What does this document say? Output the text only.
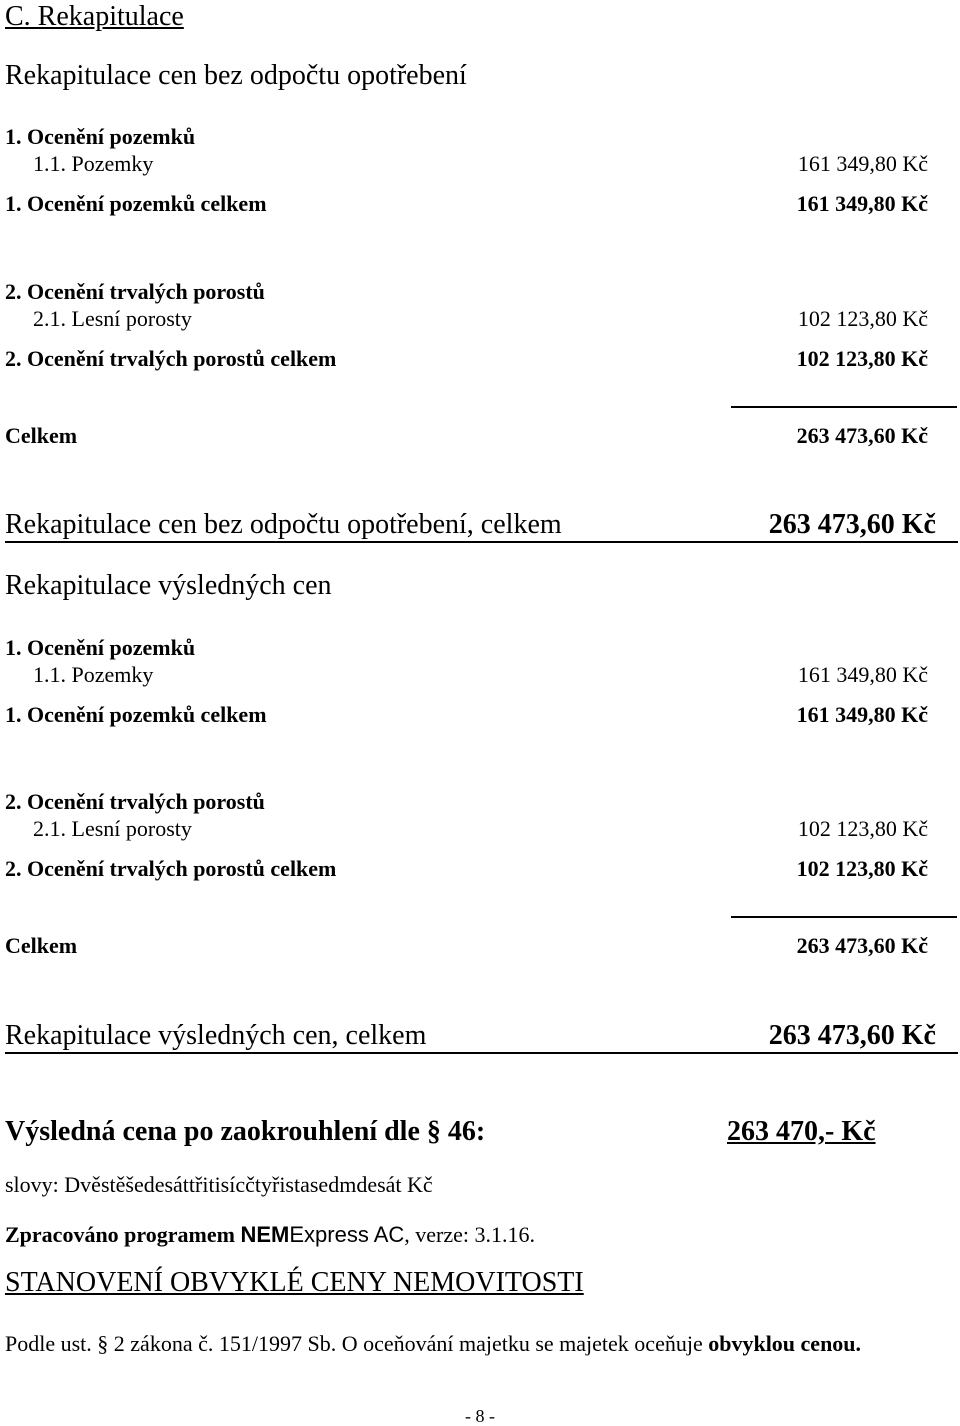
C. Rekapitulace
Rekapitulace cen bez odpočtu opotřebení
1. Ocenění pozemků
1.1. Pozemky	161 349,80 Kč
1. Ocenění pozemků celkem	161 349,80 Kč
2. Ocenění trvalých porostů
2.1. Lesní porosty	102 123,80 Kč
2. Ocenění trvalých porostů celkem	102 123,80 Kč
Celkem	263 473,60 Kč
Rekapitulace cen bez odpočtu opotřebení, celkem	263 473,60 Kč
Rekapitulace výsledných cen
1. Ocenění pozemků
1.1. Pozemky	161 349,80 Kč
1. Ocenění pozemků celkem	161 349,80 Kč
2. Ocenění trvalých porostů
2.1. Lesní porosty	102 123,80 Kč
2. Ocenění trvalých porostů celkem	102 123,80 Kč
Celkem	263 473,60 Kč
Rekapitulace výsledných cen, celkem	263 473,60 Kč
Výsledná cena po zaokrouhlení dle § 46:	263 470,- Kč
slovy: Dvěstěšedesáttřitisícčtyřistasedmdesát Kč
Zpracováno programem NEMExpress AC, verze: 3.1.16.
STANOVENÍ OBVYKLÉ CENY NEMOVITOSTI
Podle ust. § 2 zákona č. 151/1997 Sb. O oceňování majetku se majetek oceňuje obvyklou cenou.
- 8 -
